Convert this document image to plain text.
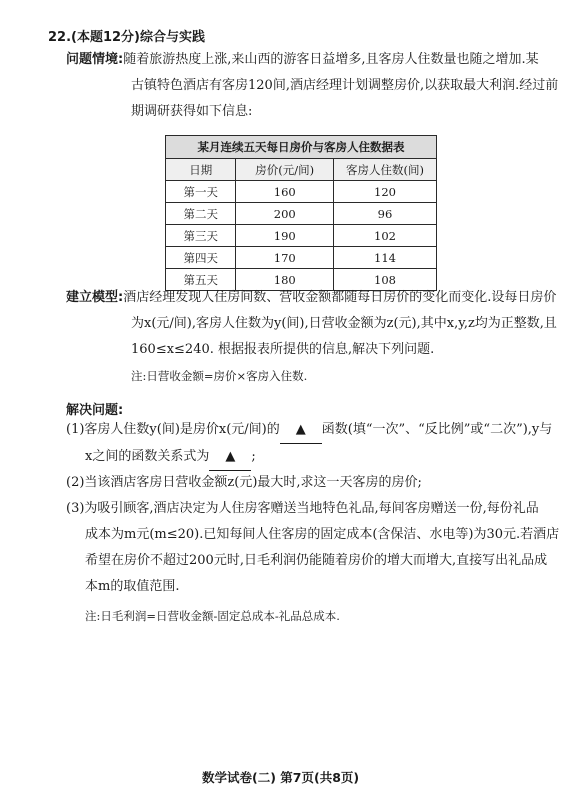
22.(本题12分)综合与实践
问题情境:随着旅游热度上涨,来山西的游客日益增多,且客房人住数量也随之增加.某
古镇特色酒店有客房120间,酒店经理计划调整房价,以获取最大利润.经过前
期调研获得如下信息:
某月连续五天每日房价与客房人住数据表		
日期	房价(元/间)	客房人住数(间)
第一天	160	120
第二天	200	96
第三天	190	102
第四天	170	114
第五天	180	108
建立模型:酒店经理发现人住房间数、营收金额都随每日房价的变化而变化.设每日房价
为x(元/间),客房人住数为y(间),日营收金额为z(元),其中x,y,z均为正整数,且
160≤x≤240. 根据报表所提供的信息,解决下列问题.
注:日营收金额=房价×客房入住数.
解决问题:
(1)客房人住数y(间)是房价x(元/间)的 ▲ 函数(填“一次”、“反比例”或“二次”),y与
x之间的函数关系式为 ▲ ;
(2)当该酒店客房日营收金额z(元)最大时,求这一天客房的房价;
(3)为吸引顾客,酒店决定为人住房客赠送当地特色礼品,每间客房赠送一份,每份礼品
成本为m元(m≤20).已知每间人住客房的固定成本(含保洁、水电等)为30元.若酒店
希望在房价不超过200元时,日毛利润仍能随着房价的增大而增大,直接写出礼品成
本m的取值范围.
注:日毛利润=日营收金额-固定总成本-礼品总成本.
数学试卷(二) 第7页(共8页)
